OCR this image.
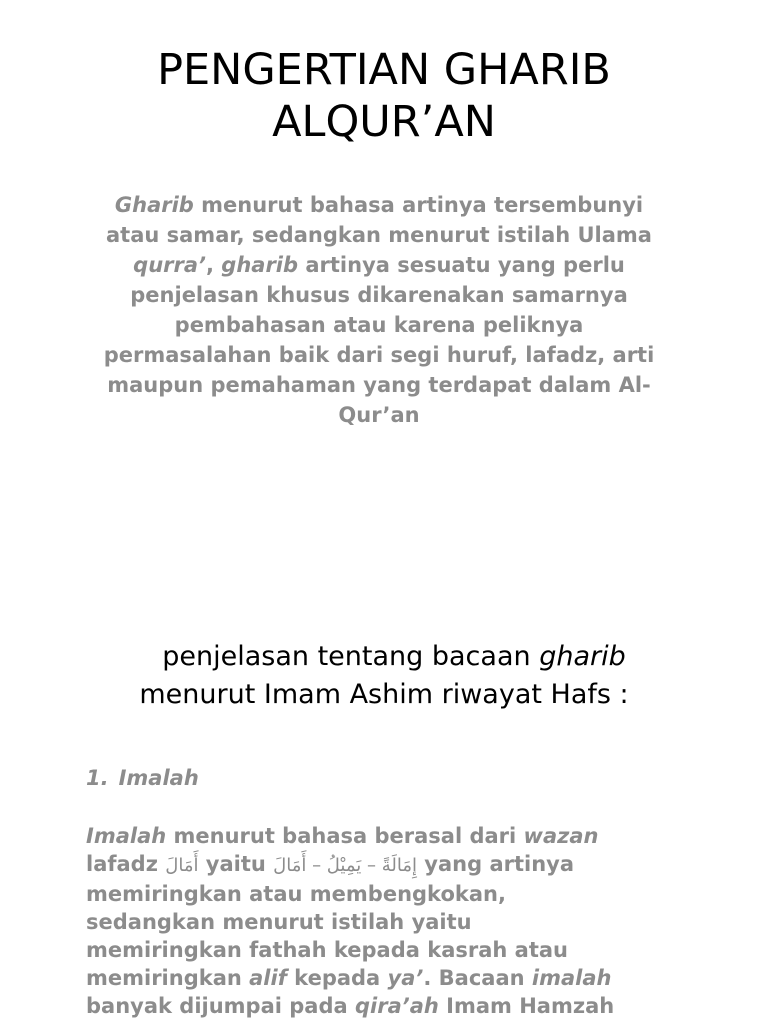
PENGERTIAN GHARIB
ALQUR’AN

Gharib menurut bahasa artinya tersembunyi atau samar, sedangkan menurut istilah Ulama qurra’, gharib artinya sesuatu yang perlu penjelasan khusus dikarenakan samarnya pembahasan atau karena peliknya permasalahan baik dari segi huruf, lafadz, arti maupun pemahaman yang terdapat dalam Al-Qur’an

penjelasan tentang bacaan gharib
menurut Imam Ashim riwayat Hafs :
1. Imalah
Imalah menurut bahasa berasal dari wazan
lafadz أَمَالَ yaitu إِمَالَةً – يَمِيْلُ – أَمَالَ yang artinya
memiringkan atau membengkokan,
sedangkan menurut istilah yaitu
memiringkan fathah kepada kasrah atau
memiringkan alif kepada ya’. Bacaan imalah
banyak dijumpai pada qira’ah Imam Hamzah
